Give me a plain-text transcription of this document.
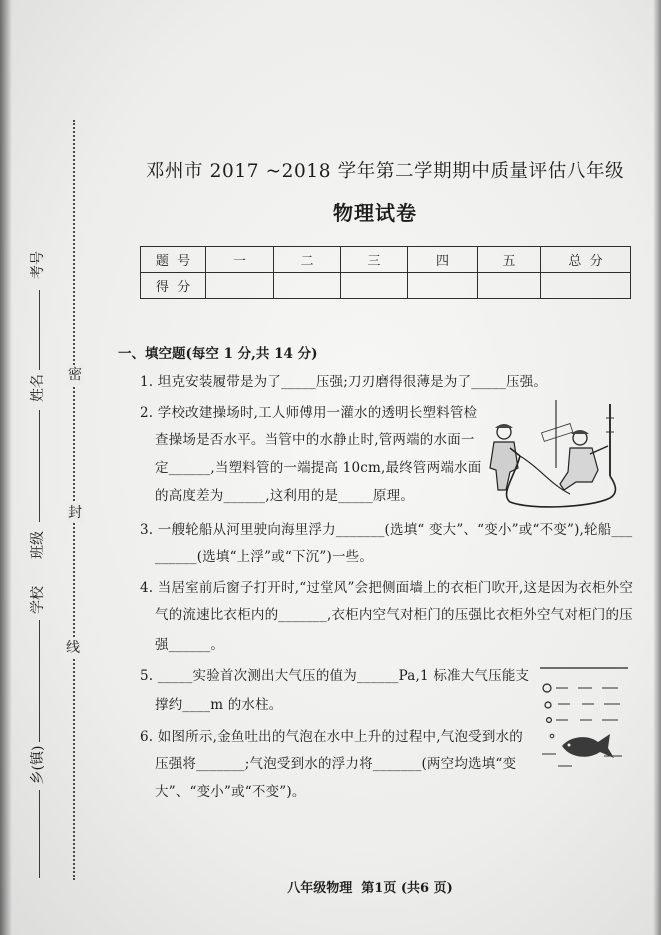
密
封
线
考号
姓名
班级
学校
乡(镇)
邓州市 2017 ~2018 学年第二学期期中质量评估八年级
物理试卷
题  号	一	二	三	四	五	总  分
得  分						
一、填空题(每空 1 分,共 14 分)
1. 坦克安装履带是为了_____压强;刀刃磨得很薄是为了_____压强。
2. 学校改建操场时,工人师傅用一灌水的透明长塑料管检
查操场是否水平。当管中的水静止时,管两端的水面一
定______,当塑料管的一端提高 10cm,最终管两端水面
的高度差为______,这利用的是_____原理。
3. 一艘轮船从河里驶向海里浮力_______(选填“ 变大”、“变小”或“不变”),轮船___
______(选填“上浮”或“下沉”)一些。
4. 当居室前后窗子打开时,“过堂风”会把侧面墙上的衣柜门吹开,这是因为衣柜外空
气的流速比衣柜内的_______,衣柜内空气对柜门的压强比衣柜外空气对柜门的压
强______。
5. _____实验首次测出大气压的值为______Pa,1 标准大气压能支
撑约____m 的水柱。
6. 如图所示,金鱼吐出的气泡在水中上升的过程中,气泡受到水的
压强将_______;气泡受到水的浮力将_______(两空均选填“变
大”、“变小”或“不变”)。
八年级物理  第1页 (共6 页)
